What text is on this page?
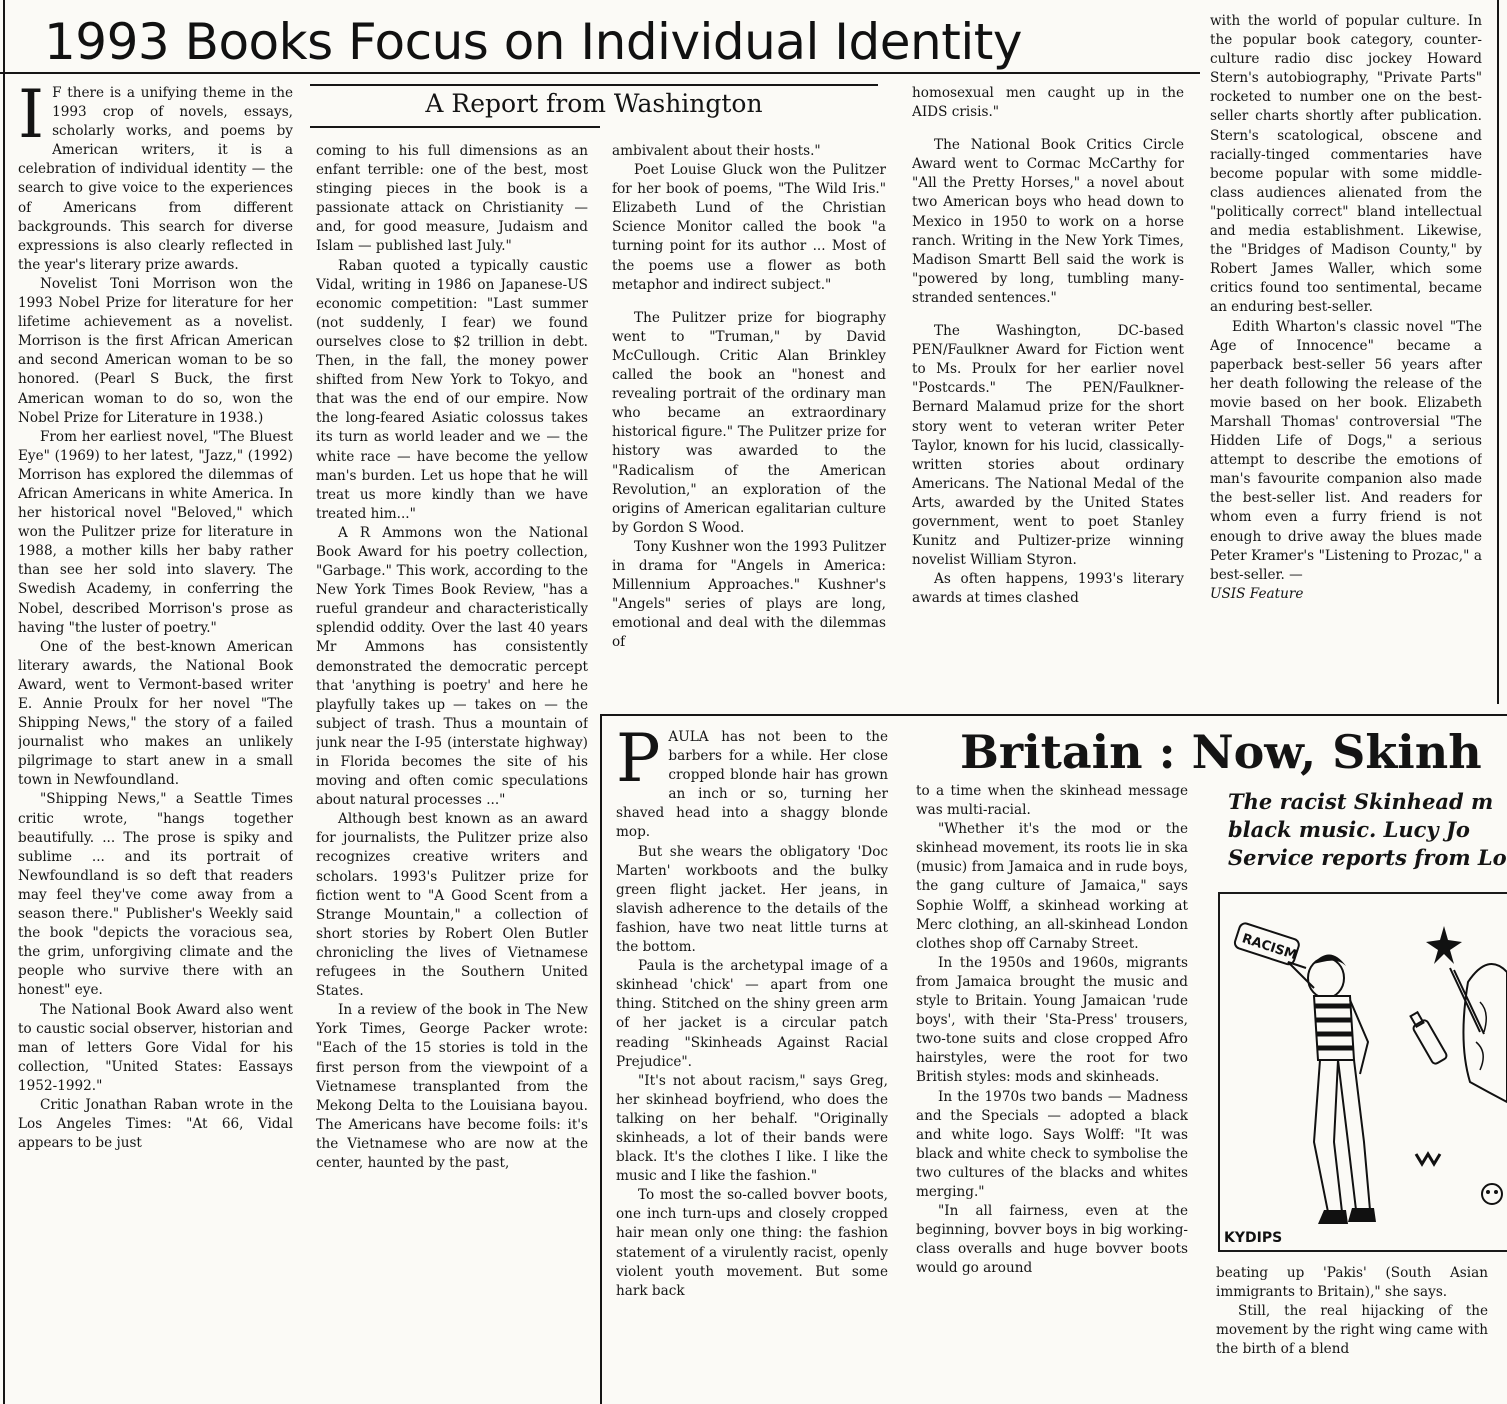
1993 Books Focus on Individual Identity
A Report from Washington
I F there is a unifying theme in the 1993 crop of novels, essays, scholarly works, and poems by American writers, it is a celebration of individual identity — the search to give voice to the experiences of Americans from different backgrounds. This search for diverse expressions is also clearly reflected in the year's literary prize awards.

Novelist Toni Morrison won the 1993 Nobel Prize for literature for her lifetime achievement as a novelist. Morrison is the first African American and second American woman to be so honored. (Pearl S Buck, the first American woman to do so, won the Nobel Prize for Literature in 1938.)

From her earliest novel, "The Bluest Eye" (1969) to her latest, "Jazz," (1992) Morrison has explored the dilemmas of African Americans in white America. In her historical novel "Beloved," which won the Pulitzer prize for literature in 1988, a mother kills her baby rather than see her sold into slavery. The Swedish Academy, in conferring the Nobel, described Morrison's prose as having "the luster of poetry."

One of the best-known American literary awards, the National Book Award, went to Vermont-based writer E. Annie Proulx for her novel "The Shipping News," the story of a failed journalist who makes an unlikely pilgrimage to start anew in a small town in Newfoundland.

"Shipping News," a Seattle Times critic wrote, "hangs together beautifully. ... The prose is spiky and sublime ... and its portrait of Newfoundland is so deft that readers may feel they've come away from a season there." Publisher's Weekly said the book "depicts the voracious sea, the grim, unforgiving climate and the people who survive there with an honest" eye.

The National Book Award also went to caustic social observer, historian and man of letters Gore Vidal for his collection, "United States: Eassays 1952-1992."

Critic Jonathan Raban wrote in the Los Angeles Times: "At 66, Vidal appears to be just

coming to his full dimensions as an enfant terrible: one of the best, most stinging pieces in the book is a passionate attack on Christianity — and, for good measure, Judaism and Islam — published last July."

Raban quoted a typically caustic Vidal, writing in 1986 on Japanese-US economic competition: "Last summer (not suddenly, I fear) we found ourselves close to $2 trillion in debt. Then, in the fall, the money power shifted from New York to Tokyo, and that was the end of our empire. Now the long-feared Asiatic colossus takes its turn as world leader and we — the white race — have become the yellow man's burden. Let us hope that he will treat us more kindly than we have treated him..."

A R Ammons won the National Book Award for his poetry collection, "Garbage." This work, according to the New York Times Book Review, "has a rueful grandeur and characteristically splendid oddity. Over the last 40 years Mr Ammons has consistently demonstrated the democratic percept that 'anything is poetry' and here he playfully takes up — takes on — the subject of trash. Thus a mountain of junk near the I-95 (interstate highway) in Florida becomes the site of his moving and often comic speculations about natural processes ..."

Although best known as an award for journalists, the Pulitzer prize also recognizes creative writers and scholars. 1993's Pulitzer prize for fiction went to "A Good Scent from a Strange Mountain," a collection of short stories by Robert Olen Butler chronicling the lives of Vietnamese refugees in the Southern United States.

In a review of the book in The New York Times, George Packer wrote: "Each of the 15 stories is told in the first person from the viewpoint of a Vietnamese transplanted from the Mekong Delta to the Louisiana bayou. The Americans have become foils: it's the Vietnamese who are now at the center, haunted by the past,

ambivalent about their hosts."

Poet Louise Gluck won the Pulitzer for her book of poems, "The Wild Iris." Elizabeth Lund of the Christian Science Monitor called the book "a turning point for its author ... Most of the poems use a flower as both metaphor and indirect subject."

The Pulitzer prize for biography went to "Truman," by David McCullough. Critic Alan Brinkley called the book an "honest and revealing portrait of the ordinary man who became an extraordinary historical figure." The Pulitzer prize for history was awarded to the "Radicalism of the American Revolution," an exploration of the origins of American egalitarian culture by Gordon S Wood.

Tony Kushner won the 1993 Pulitzer in drama for "Angels in America: Millennium Approaches." Kushner's "Angels" series of plays are long, emotional and deal with the dilemmas of

homosexual men caught up in the AIDS crisis."

The National Book Critics Circle Award went to Cormac McCarthy for "All the Pretty Horses," a novel about two American boys who head down to Mexico in 1950 to work on a horse ranch. Writing in the New York Times, Madison Smartt Bell said the work is "powered by long, tumbling many-stranded sentences."

The Washington, DC-based PEN/Faulkner Award for Fiction went to Ms. Proulx for her earlier novel "Postcards." The PEN/Faulkner-Bernard Malamud prize for the short story went to veteran writer Peter Taylor, known for his lucid, classically-written stories about ordinary Americans. The National Medal of the Arts, awarded by the United States government, went to poet Stanley Kunitz and Pultizer-prize winning novelist William Styron.

As often happens, 1993's literary awards at times clashed

with the world of popular culture. In the popular book category, counter-culture radio disc jockey Howard Stern's autobiography, "Private Parts" rocketed to number one on the best-seller charts shortly after publication. Stern's scatological, obscene and racially-tinged commentaries have become popular with some middle-class audiences alienated from the "politically correct" bland intellectual and media establishment. Likewise, the "Bridges of Madison County," by Robert James Waller, which some critics found too sentimental, became an enduring best-seller.

Edith Wharton's classic novel "The Age of Innocence" became a paperback best-seller 56 years after her death following the release of the movie based on her book. Elizabeth Marshall Thomas' controversial "The Hidden Life of Dogs," a serious attempt to describe the emotions of man's favourite companion also made the best-seller list. And readers for whom even a furry friend is not enough to drive away the blues made Peter Kramer's "Listening to Prozac," a best-seller. —

USIS Feature

Britain : Now, Skinh
The racist Skinhead m
black music. Lucy Jo
Service reports from Lo
P AULA has not been to the barbers for a while. Her close cropped blonde hair has grown an inch or so, turning her shaved head into a shaggy blonde mop.

But she wears the obligatory 'Doc Marten' workboots and the bulky green flight jacket. Her jeans, in slavish adherence to the details of the fashion, have two neat little turns at the bottom.

Paula is the archetypal image of a skinhead 'chick' — apart from one thing. Stitched on the shiny green arm of her jacket is a circular patch reading "Skinheads Against Racial Prejudice".

"It's not about racism," says Greg, her skinhead boyfriend, who does the talking on her behalf. "Originally skinheads, a lot of their bands were black. It's the clothes I like. I like the music and I like the fashion."

To most the so-called bovver boots, one inch turn-ups and closely cropped hair mean only one thing: the fashion statement of a virulently racist, openly violent youth movement. But some hark back

to a time when the skinhead message was multi-racial.

"Whether it's the mod or the skinhead movement, its roots lie in ska (music) from Jamaica and in rude boys, the gang culture of Jamaica," says Sophie Wolff, a skinhead working at Merc clothing, an all-skinhead London clothes shop off Carnaby Street.

In the 1950s and 1960s, migrants from Jamaica brought the music and style to Britain. Young Jamaican 'rude boys', with their 'Sta-Press' trousers, two-tone suits and close cropped Afro hairstyles, were the root for two British styles: mods and skinheads.

In the 1970s two bands — Madness and the Specials — adopted a black and white logo. Says Wolff: "It was black and white check to symbolise the two cultures of the blacks and whites merging."

"In all fairness, even at the beginning, bovver boys in big working-class overalls and huge bovver boots would go around

RACISM
KYDIPS

beating up 'Pakis' (South Asian immigrants to Britain)," she says.

Still, the real hijacking of the movement by the right wing came with the birth of a blend
